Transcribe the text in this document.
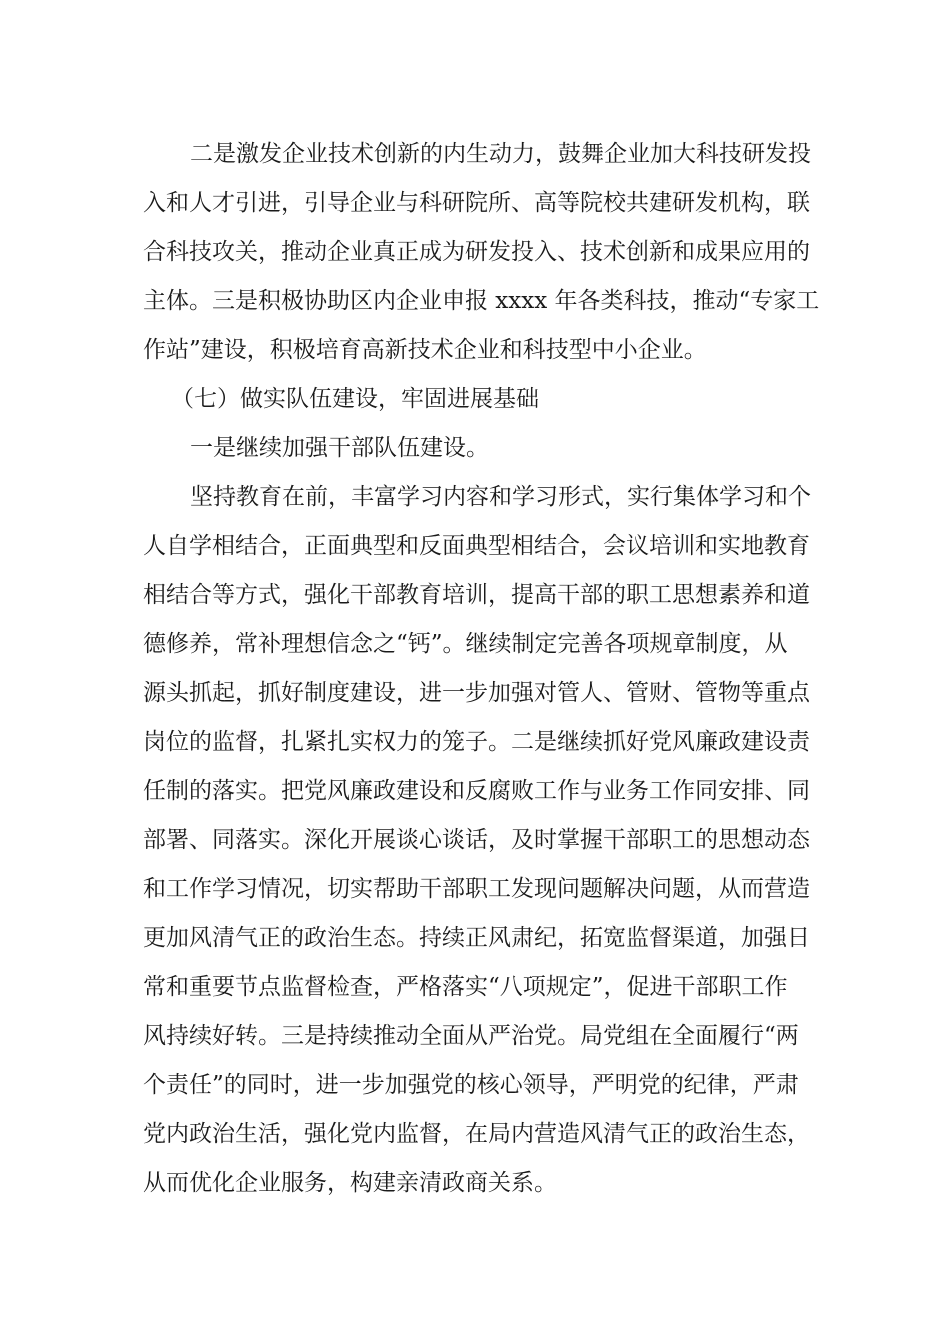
二是激发企业技术创新的内生动力，鼓舞企业加大科技研发投
入和人才引进，引导企业与科研院所、高等院校共建研发机构，联
合科技攻关，推动企业真正成为研发投入、技术创新和成果应用的
主体。三是积极协助区内企业申报 xxxx 年各类科技，推动“专家工
作站”建设，积极培育高新技术企业和科技型中小企业。
（七）做实队伍建设，牢固进展基础
一是继续加强干部队伍建设。
坚持教育在前，丰富学习内容和学习形式，实行集体学习和个
人自学相结合，正面典型和反面典型相结合，会议培训和实地教育
相结合等方式，强化干部教育培训，提高干部的职工思想素养和道
德修养，常补理想信念之“钙”。继续制定完善各项规章制度，从
源头抓起，抓好制度建设，进一步加强对管人、管财、管物等重点
岗位的监督，扎紧扎实权力的笼子。二是继续抓好党风廉政建设责
任制的落实。把党风廉政建设和反腐败工作与业务工作同安排、同
部署、同落实。深化开展谈心谈话，及时掌握干部职工的思想动态
和工作学习情况，切实帮助干部职工发现问题解决问题，从而营造
更加风清气正的政治生态。持续正风肃纪，拓宽监督渠道，加强日
常和重要节点监督检查，严格落实“八项规定”，促进干部职工作
风持续好转。三是持续推动全面从严治党。局党组在全面履行“两
个责任”的同时，进一步加强党的核心领导，严明党的纪律，严肃
党内政治生活，强化党内监督，在局内营造风清气正的政治生态，
从而优化企业服务，构建亲清政商关系。
